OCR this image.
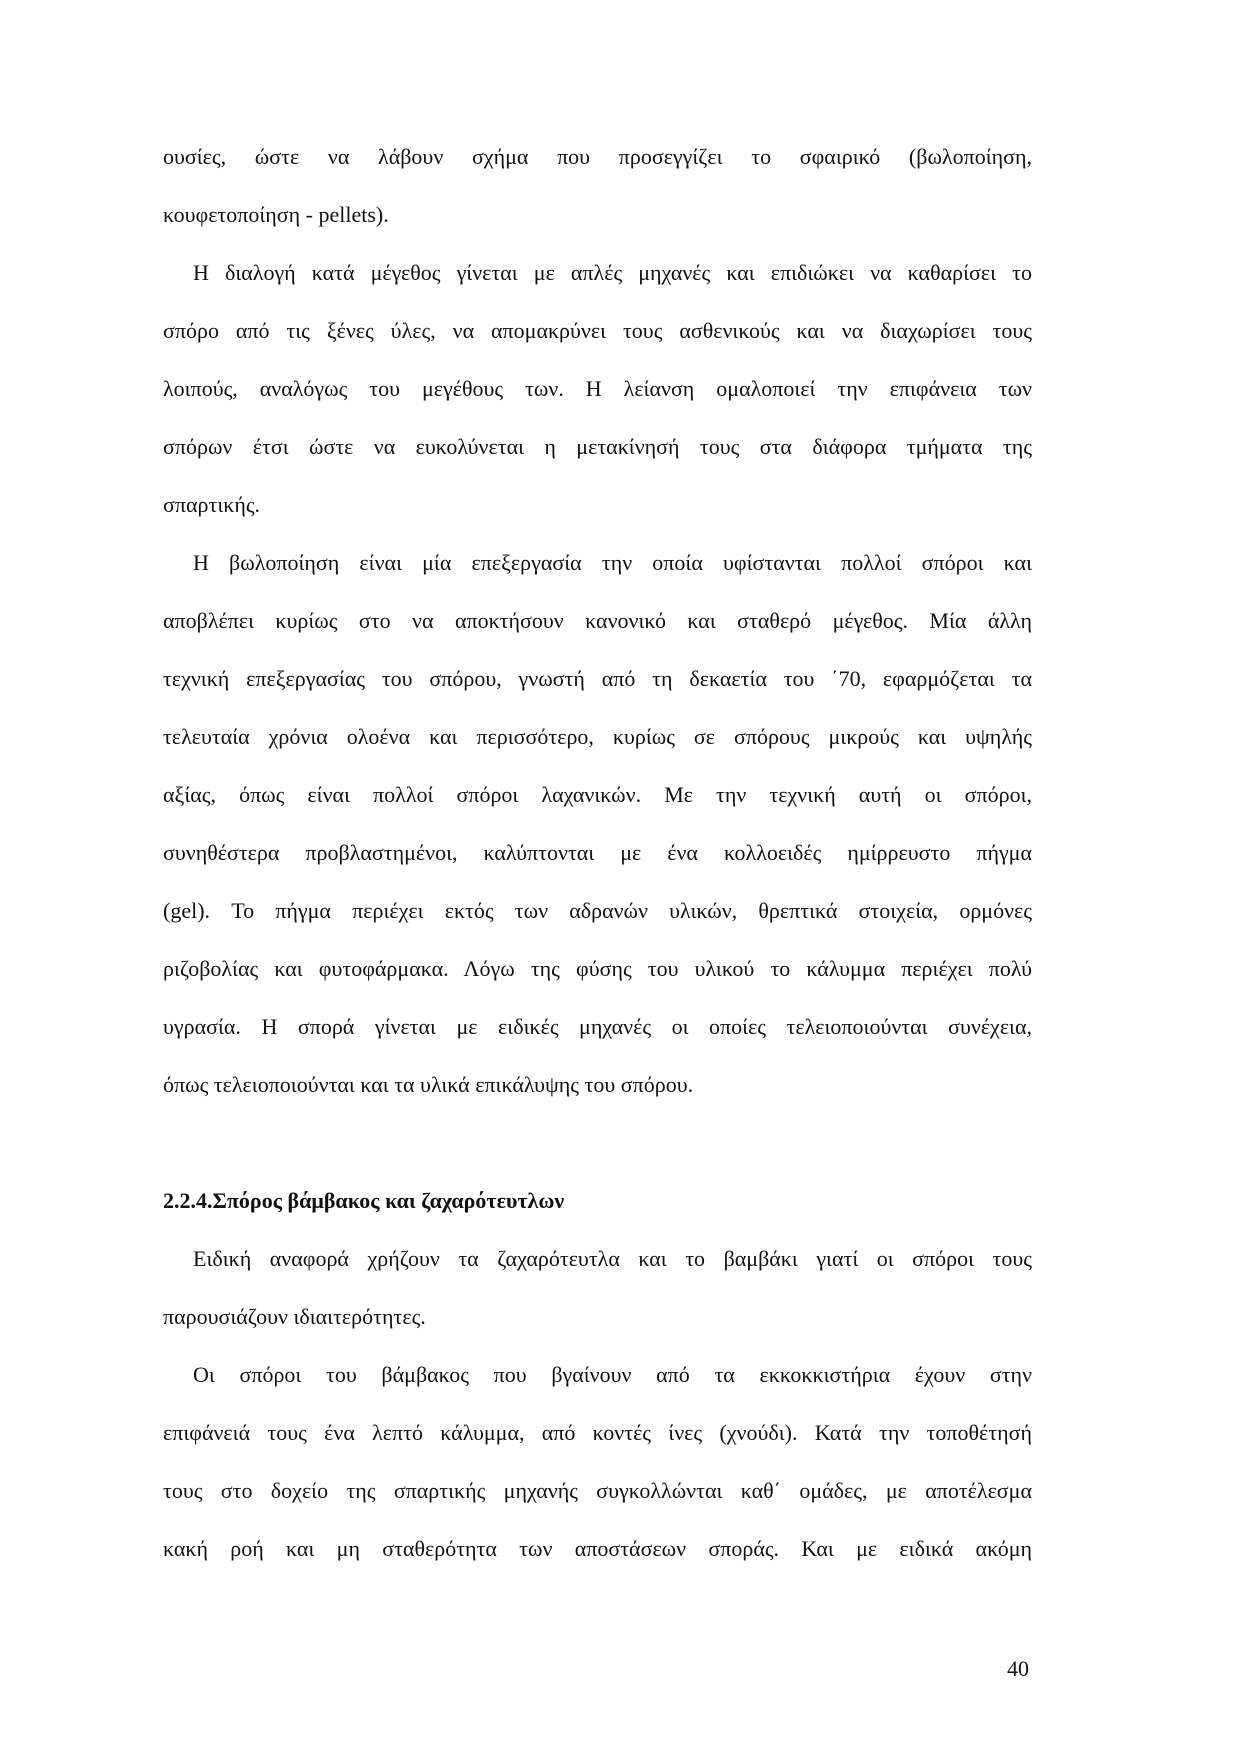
ουσίες, ώστε να λάβουν σχήμα που προσεγγίζει το σφαιρικό (βωλοποίηση,
κουφετοποίηση - pellets).
Η διαλογή κατά μέγεθος γίνεται με απλές μηχανές και επιδιώκει να καθαρίσει το
σπόρο από τις ξένες ύλες, να απομακρύνει τους ασθενικούς και να διαχωρίσει τους
λοιπούς, αναλόγως του μεγέθους των. Η λείανση ομαλοποιεί την επιφάνεια των
σπόρων έτσι ώστε να ευκολύνεται η μετακίνησή τους στα διάφορα τμήματα της
σπαρτικής.
Η βωλοποίηση είναι μία επεξεργασία την οποία υφίστανται πολλοί σπόροι και
αποβλέπει κυρίως στο να αποκτήσουν κανονικό και σταθερό μέγεθος. Μία άλλη
τεχνική επεξεργασίας του σπόρου, γνωστή από τη δεκαετία του ΄70, εφαρμόζεται τα
τελευταία χρόνια ολοένα και περισσότερο, κυρίως σε σπόρους μικρούς και υψηλής
αξίας, όπως είναι πολλοί σπόροι λαχανικών. Με την τεχνική αυτή οι σπόροι,
συνηθέστερα προβλαστημένοι, καλύπτονται με ένα κολλοειδές ημίρρευστο πήγμα
(gel). Το πήγμα περιέχει εκτός των αδρανών υλικών, θρεπτικά στοιχεία, ορμόνες
ριζοβολίας και φυτοφάρμακα. Λόγω της φύσης του υλικού το κάλυμμα περιέχει πολύ
υγρασία. Η σπορά γίνεται με ειδικές μηχανές οι οποίες τελειοποιούνται συνέχεια,
όπως τελειοποιούνται και τα υλικά επικάλυψης του σπόρου.
2.2.4.Σπόρος βάμβακος και ζαχαρότευτλων
Ειδική αναφορά χρήζουν τα ζαχαρότευτλα και το βαμβάκι γιατί οι σπόροι τους
παρουσιάζουν ιδιαιτερότητες.
Οι σπόροι του βάμβακος που βγαίνουν από τα εκκοκκιστήρια έχουν στην
επιφάνειά τους ένα λεπτό κάλυμμα, από κοντές ίνες (χνούδι). Κατά την τοποθέτησή
τους στο δοχείο της σπαρτικής μηχανής συγκολλώνται καθ΄ ομάδες, με αποτέλεσμα
κακή ροή και μη σταθερότητα των αποστάσεων σποράς. Και με ειδικά ακόμη
40
